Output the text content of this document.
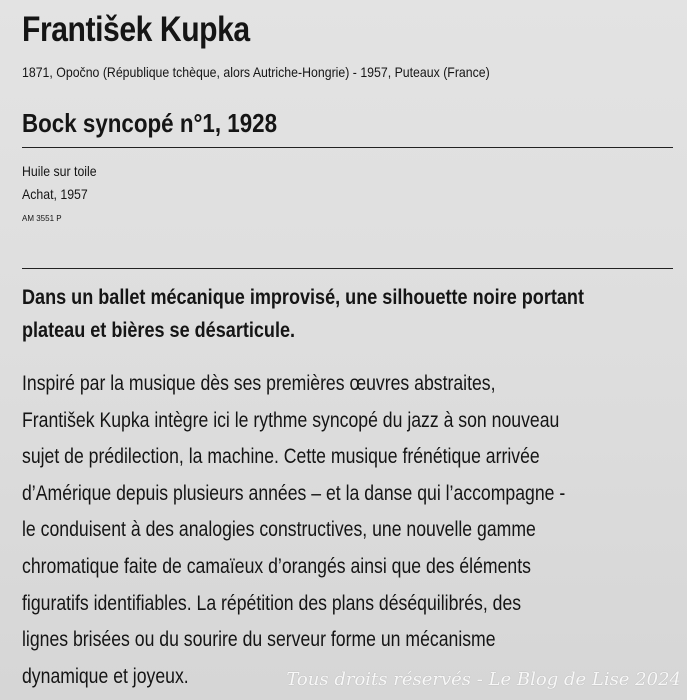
František Kupka
1871, Opočno (République tchèque, alors Autriche-Hongrie) - 1957, Puteaux (France)
Bock syncopé n°1, 1928
Huile sur toile
Achat, 1957
AM 3551 P
Dans un ballet mécanique improvisé, une silhouette noire portant
plateau et bières se désarticule.
Inspiré par la musique dès ses premières œuvres abstraites,
František Kupka intègre ici le rythme syncopé du jazz à son nouveau
sujet de prédilection, la machine. Cette musique frénétique arrivée
d’Amérique depuis plusieurs années – et la danse qui l’accompagne -
le conduisent à des analogies constructives, une nouvelle gamme
chromatique faite de camaïeux d’orangés ainsi que des éléments
figuratifs identifiables. La répétition des plans déséquilibrés, des
lignes brisées ou du sourire du serveur forme un mécanisme
dynamique et joyeux.	Tous droits réservés - Le Blog de Lise 2024
